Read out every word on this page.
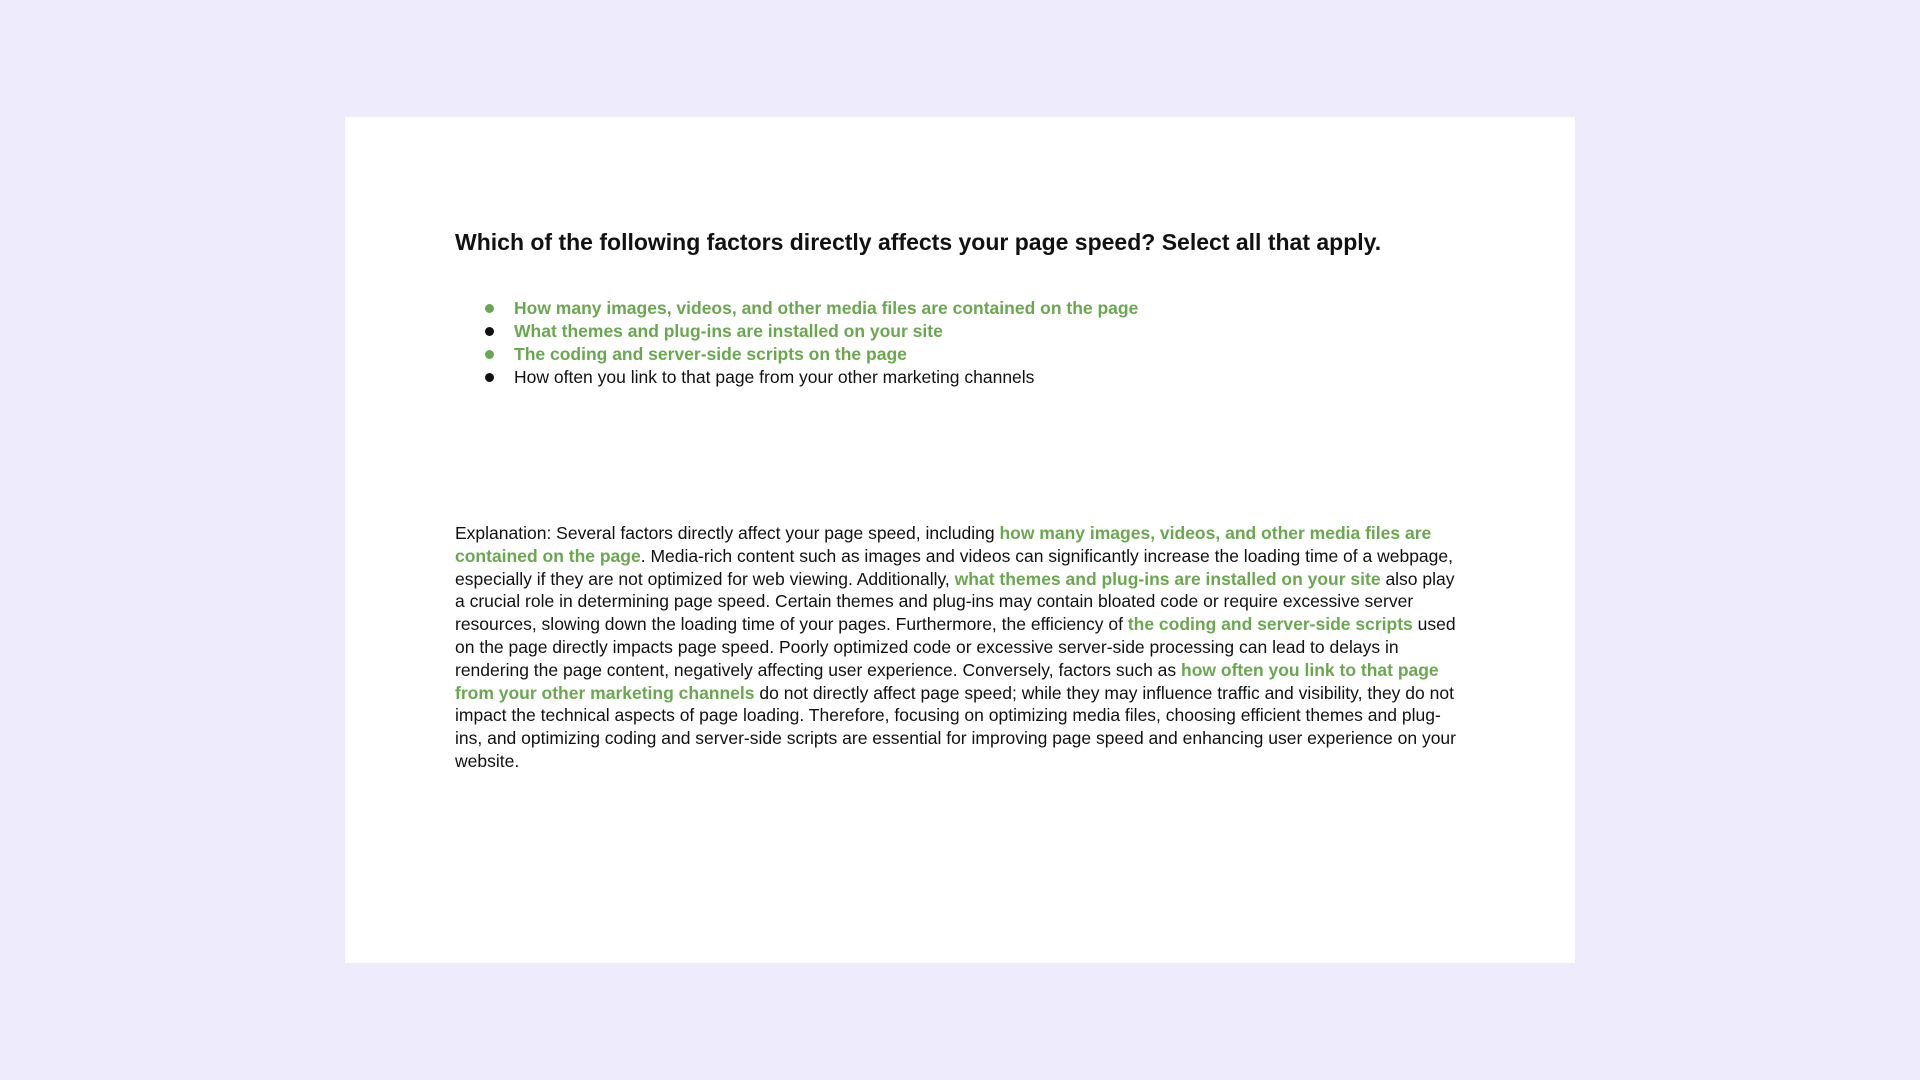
Which of the following factors directly affects your page speed? Select all that apply.
How many images, videos, and other media files are contained on the page
What themes and plug-ins are installed on your site
The coding and server-side scripts on the page
How often you link to that page from your other marketing channels

Explanation: Several factors directly affect your page speed, including how many images, videos, and other media files are contained on the page. Media-rich content such as images and videos can significantly increase the loading time of a webpage, especially if they are not optimized for web viewing. Additionally, what themes and plug-ins are installed on your site also play a crucial role in determining page speed. Certain themes and plug-ins may contain bloated code or require excessive server resources, slowing down the loading time of your pages. Furthermore, the efficiency of the coding and server-side scripts used on the page directly impacts page speed. Poorly optimized code or excessive server-side processing can lead to delays in rendering the page content, negatively affecting user experience. Conversely, factors such as how often you link to that page from your other marketing channels do not directly affect page speed; while they may influence traffic and visibility, they do not impact the technical aspects of page loading. Therefore, focusing on optimizing media files, choosing efficient themes and plug-ins, and optimizing coding and server-side scripts are essential for improving page speed and enhancing user experience on your website.
